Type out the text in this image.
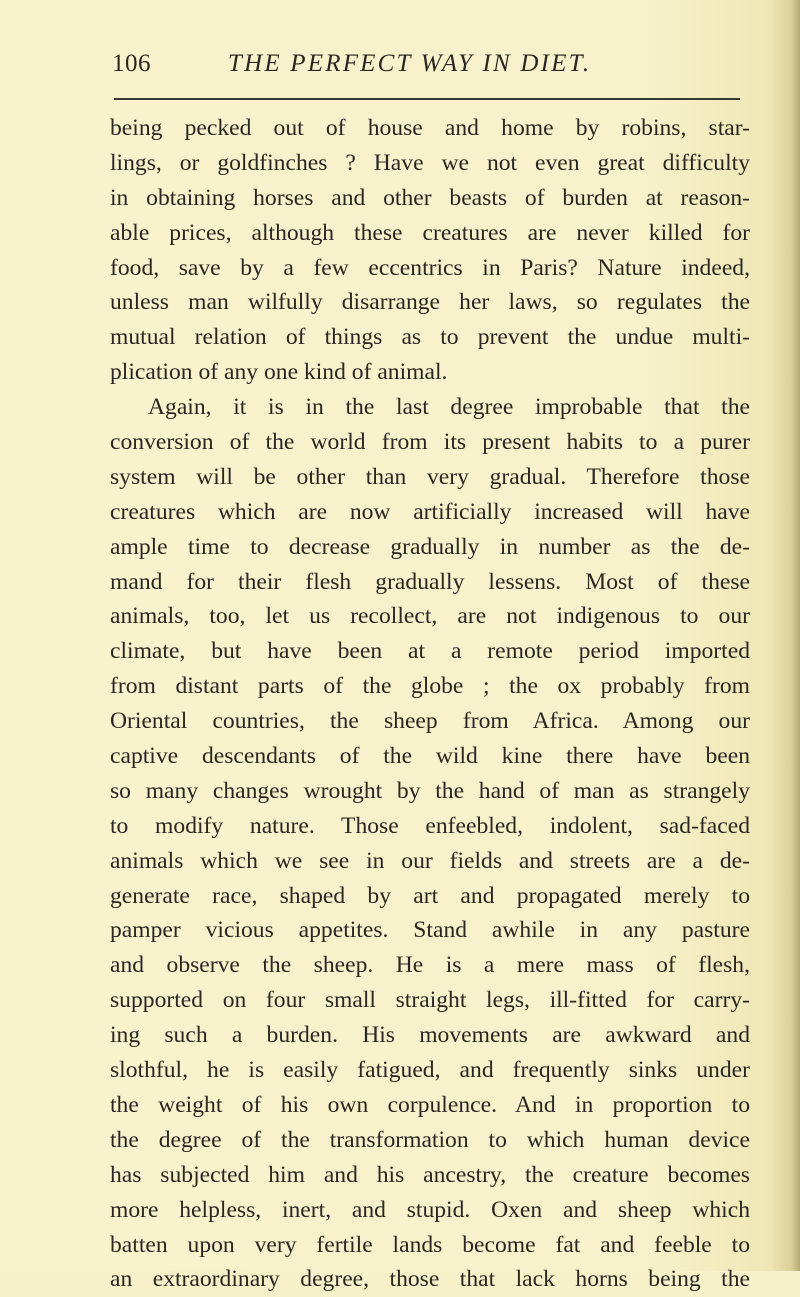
106	THE PERFECT WAY IN DIET.
being pecked out of house and home by robins, star-
lings, or goldfinches ? Have we not even great difficulty
in obtaining horses and other beasts of burden at reason-
able prices, although these creatures are never killed for
food, save by a few eccentrics in Paris? Nature indeed,
unless man wilfully disarrange her laws, so regulates the
mutual relation of things as to prevent the undue multi-
plication of any one kind of animal.
Again, it is in the last degree improbable that the
conversion of the world from its present habits to a purer
system will be other than very gradual. Therefore those
creatures which are now artificially increased will have
ample time to decrease gradually in number as the de-
mand for their flesh gradually lessens. Most of these
animals, too, let us recollect, are not indigenous to our
climate, but have been at a remote period imported
from distant parts of the globe ; the ox probably from
Oriental countries, the sheep from Africa. Among our
captive descendants of the wild kine there have been
so many changes wrought by the hand of man as strangely
to modify nature. Those enfeebled, indolent, sad-faced
animals which we see in our fields and streets are a de-
generate race, shaped by art and propagated merely to
pamper vicious appetites. Stand awhile in any pasture
and observe the sheep. He is a mere mass of flesh,
supported on four small straight legs, ill-fitted for carry-
ing such a burden. His movements are awkward and
slothful, he is easily fatigued, and frequently sinks under
the weight of his own corpulence. And in proportion to
the degree of the transformation to which human device
has subjected him and his ancestry, the creature becomes
more helpless, inert, and stupid. Oxen and sheep which
batten upon very fertile lands become fat and feeble to
an extraordinary degree, those that lack horns being the
